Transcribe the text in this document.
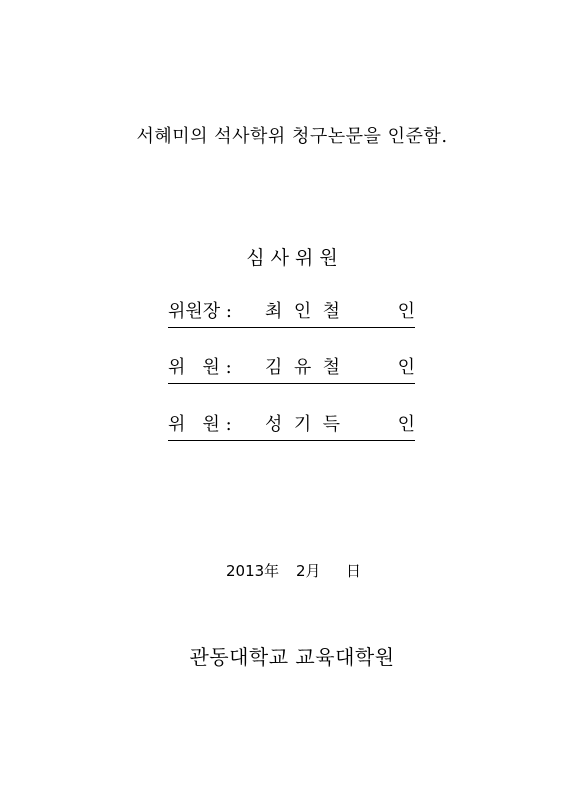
서혜미의 석사학위 청구논문을 인준함.
심 사 위 원
위원장 : 최  인  철	인
위   원 : 김  유  철	인
위   원 : 성  기  득	인
2013年 2月 日
관동대학교 교육대학원
